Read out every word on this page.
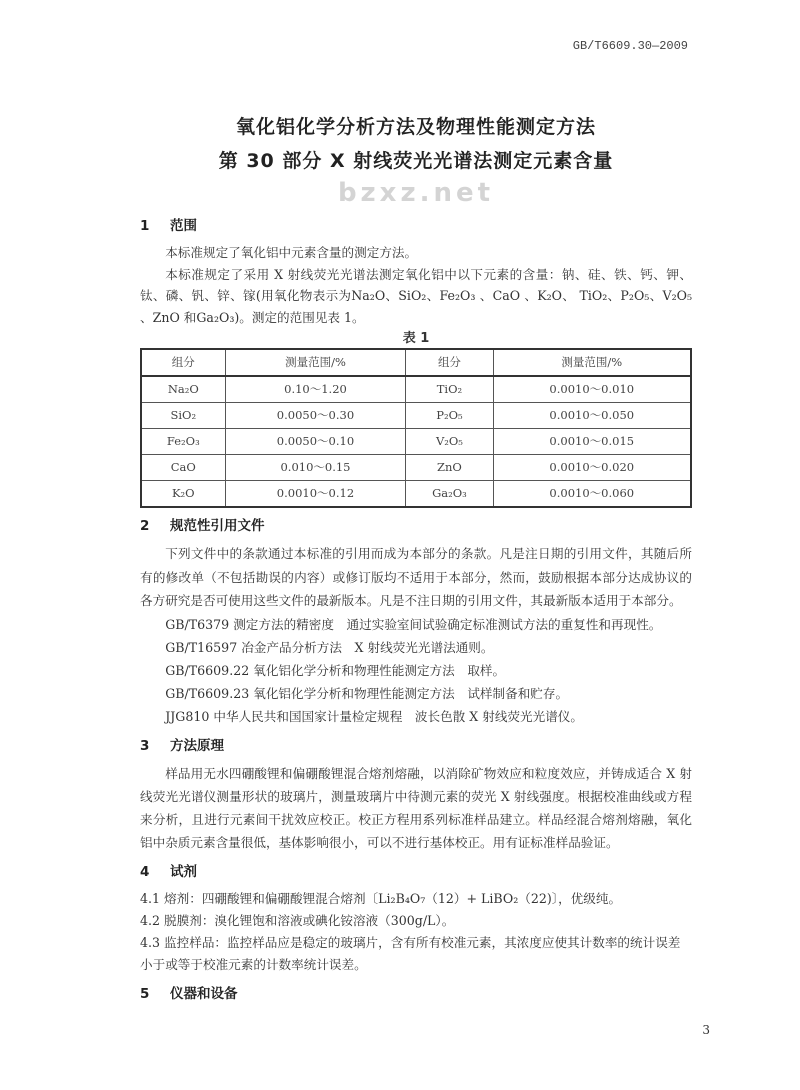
GB/T6609.30—2009
氧化铝化学分析方法及物理性能测定方法
第 30 部分 X 射线荧光光谱法测定元素含量
bzxz.net
1 范围
本标准规定了氧化铝中元素含量的测定方法。
本标准规定了采用 X 射线荧光光谱法测定氧化铝中以下元素的含量：钠、硅、铁、钙、钾、钛、磷、钒、锌、镓(用氧化物表示为Na₂O、SiO₂、Fe₂O₃ 、CaO 、K₂O、 TiO₂、P₂O₅、V₂O₅ 、ZnO 和Ga₂O₃)。测定的范围见表 1。
表 1
组分	测量范围/%	组分	测量范围/%
Na₂O	0.10～1.20	TiO₂	0.0010～0.010
SiO₂	0.0050～0.30	P₂O₅	0.0010～0.050
Fe₂O₃	0.0050～0.10	V₂O₅	0.0010～0.015
CaO	0.010～0.15	ZnO	0.0010～0.020
K₂O	0.0010～0.12	Ga₂O₃	0.0010～0.060
2 规范性引用文件
下列文件中的条款通过本标准的引用而成为本部分的条款。凡是注日期的引用文件，其随后所有的修改单（不包括勘误的内容）或修订版均不适用于本部分，然而，鼓励根据本部分达成协议的各方研究是否可使用这些文件的最新版本。凡是不注日期的引用文件，其最新版本适用于本部分。
GB/T6379 测定方法的精密度　通过实验室间试验确定标准测试方法的重复性和再现性。
GB/T16597 冶金产品分析方法　X 射线荧光光谱法通则。
GB/T6609.22 氧化铝化学分析和物理性能测定方法　取样。
GB/T6609.23 氧化铝化学分析和物理性能测定方法　试样制备和贮存。
JJG810 中华人民共和国国家计量检定规程　波长色散 X 射线荧光光谱仪。
3 方法原理
样品用无水四硼酸锂和偏硼酸锂混合熔剂熔融，以消除矿物效应和粒度效应，并铸成适合 X 射线荧光光谱仪测量形状的玻璃片，测量玻璃片中待测元素的荧光 X 射线强度。根据校准曲线或方程来分析，且进行元素间干扰效应校正。校正方程用系列标准样品建立。样品经混合熔剂熔融，氧化铝中杂质元素含量很低，基体影响很小，可以不进行基体校正。用有证标准样品验证。
4 试剂
4.1 熔剂：四硼酸锂和偏硼酸锂混合熔剂〔Li₂B₄O₇（12）+ LiBO₂（22)〕，优级纯。
4.2 脱膜剂：溴化锂饱和溶液或碘化铵溶液（300g/L）。
4.3 监控样品：监控样品应是稳定的玻璃片，含有所有校准元素，其浓度应使其计数率的统计误差小于或等于校准元素的计数率统计误差。
5 仪器和设备
3
